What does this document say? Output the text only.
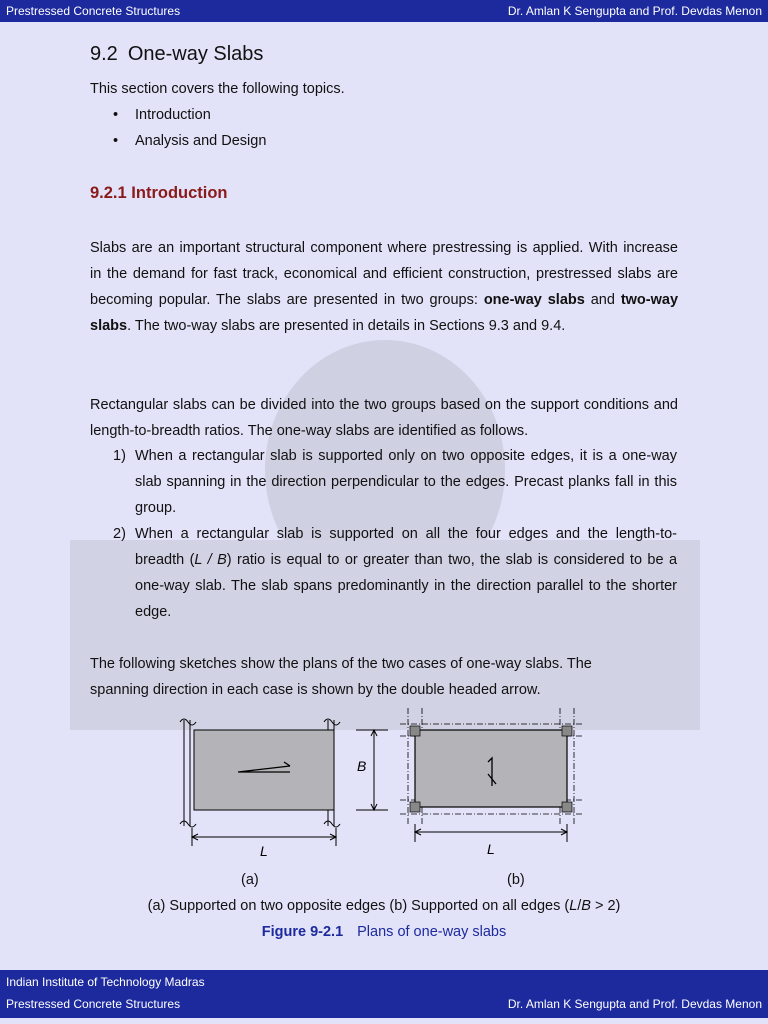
Prestressed Concrete Structures	Dr. Amlan K Sengupta and Prof. Devdas Menon
9.2 One-way Slabs

This section covers the following topics.

• Introduction
• Analysis and Design
9.2.1 Introduction

Slabs are an important structural component where prestressing is applied. With increase in the demand for fast track, economical and efficient construction, prestressed slabs are becoming popular. The slabs are presented in two groups: one-way slabs and two-way slabs. The two-way slabs are presented in details in Sections 9.3 and 9.4.

Rectangular slabs can be divided into the two groups based on the support conditions and length-to-breadth ratios. The one-way slabs are identified as follows.

1) When a rectangular slab is supported only on two opposite edges, it is a one-way slab spanning in the direction perpendicular to the edges. Precast planks fall in this group.
2) When a rectangular slab is supported on all the four edges and the length-to-breadth (L / B) ratio is equal to or greater than two, the slab is considered to be a one-way slab. The slab spans predominantly in the direction parallel to the shorter edge.

The following sketches show the plans of the two cases of one-way slabs. The spanning direction in each case is shown by the double headed arrow.

B
L	L
(a)	(b)
(a) Supported on two opposite edges (b) Supported on all edges (L/B > 2)
Figure 9-2.1 Plans of one-way slabs
Indian Institute of Technology Madras
Prestressed Concrete Structures	Dr. Amlan K Sengupta and Prof. Devdas Menon
